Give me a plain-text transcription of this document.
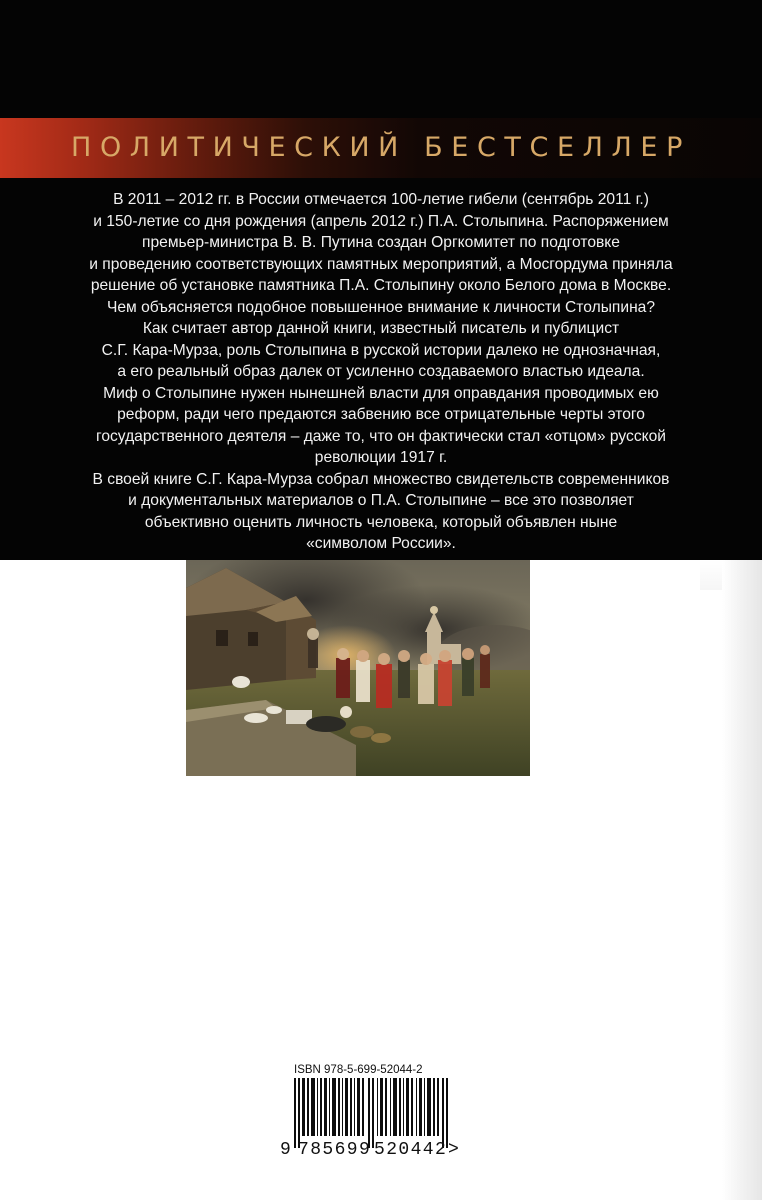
ПОЛИТИЧЕСКИЙ БЕСТСЕЛЛЕР

В 2011 – 2012 гг. в России отмечается 100-летие гибели (сентябрь 2011 г.)

и 150-летие со дня рождения (апрель 2012 г.) П.А. Столыпина. Распоряжением

премьер-министра В. В. Путина создан Оргкомитет по подготовке

и проведению соответствующих памятных мероприятий, а Мосгордума приняла

решение об установке памятника П.А. Столыпину около Белого дома в Москве.

Чем объясняется подобное повышенное внимание к личности Столыпина?

Как считает автор данной книги, известный писатель и публицист

С.Г. Кара-Мурза, роль Столыпина в русской истории далеко не однозначная,

а его реальный образ далек от усиленно создаваемого властью идеала.

Миф о Столыпине нужен нынешней власти для оправдания проводимых ею

реформ, ради чего предаются забвению все отрицательные черты этого

государственного деятеля – даже то, что он фактически стал «отцом» русской

революции 1917 г.

В своей книге С.Г. Кара-Мурза собрал множество свидетельств современников

и документальных материалов о П.А. Столыпине – все это позволяет

объективно оценить личность человека, который объявлен ныне

«символом России».

ISBN 978-5-699-52044-2
9 785699 520442 >
